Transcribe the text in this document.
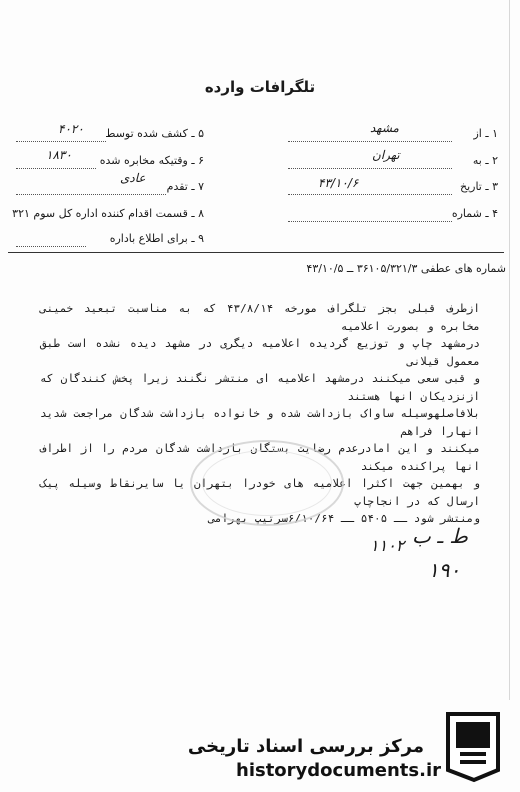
تلگرافات وارده
۱ ـ از
مشهد
۲ ـ به
تهران
۳ ـ تاریخ
۴۳/۱۰/۶
۴ ـ شماره
۵ ـ کشف شده توسط
۴۰۲۰
۶ ـ وقتیکه مخابره شده
۱۸۳۰
۷ ـ تقدم
عادی
۸ ـ قسمت اقدام کننده اداره کل سوم ۳۲۱
۹ ـ برای اطلاع باداره
شماره های عطفی ۳۶۱۰۵/۳۲۱/۳ ــ ۴۳/۱۰/۵

ازطرف قبلی بجز تلگراف مورخه ۴۳/۸/۱۴ که به مناسبت تبعید خمینی مخابره و بصورت اعلامیه

درمشهد چاپ و توزیع گردیده اعلامیه دیگری در مشهد دیده نشده است طبق معمول قیلانی

و قبی سعی میکنند درمشهد اعلامیه ای منتشر نگنند زیرا پخش کنندگان که ازنزدیکان انها هستند

بلافاصلهوسیله ساواک بازداشت شده و خانواده بازداشت شدگان مراجعت شدید انهارا فراهم

میکنند و این امادرعدم رضایت بستگان بازداشت شدگان مردم را از اطراف انها پراکنده میکند

و بهمین جهت اکثرا اعلامیه های خودرا بتهران یا سایرنقاط وسیله پیک ارسال که در انجاچاپ

ومنتشر شود ــ ۵۴۰۵ ــ ۶/۱۰/۶۴سرتیپ بهرامی

ط ـ ب
۱۹۰
۱۱۰۲
مرکز بررسی اسناد تاریخی
historydocuments.ir
